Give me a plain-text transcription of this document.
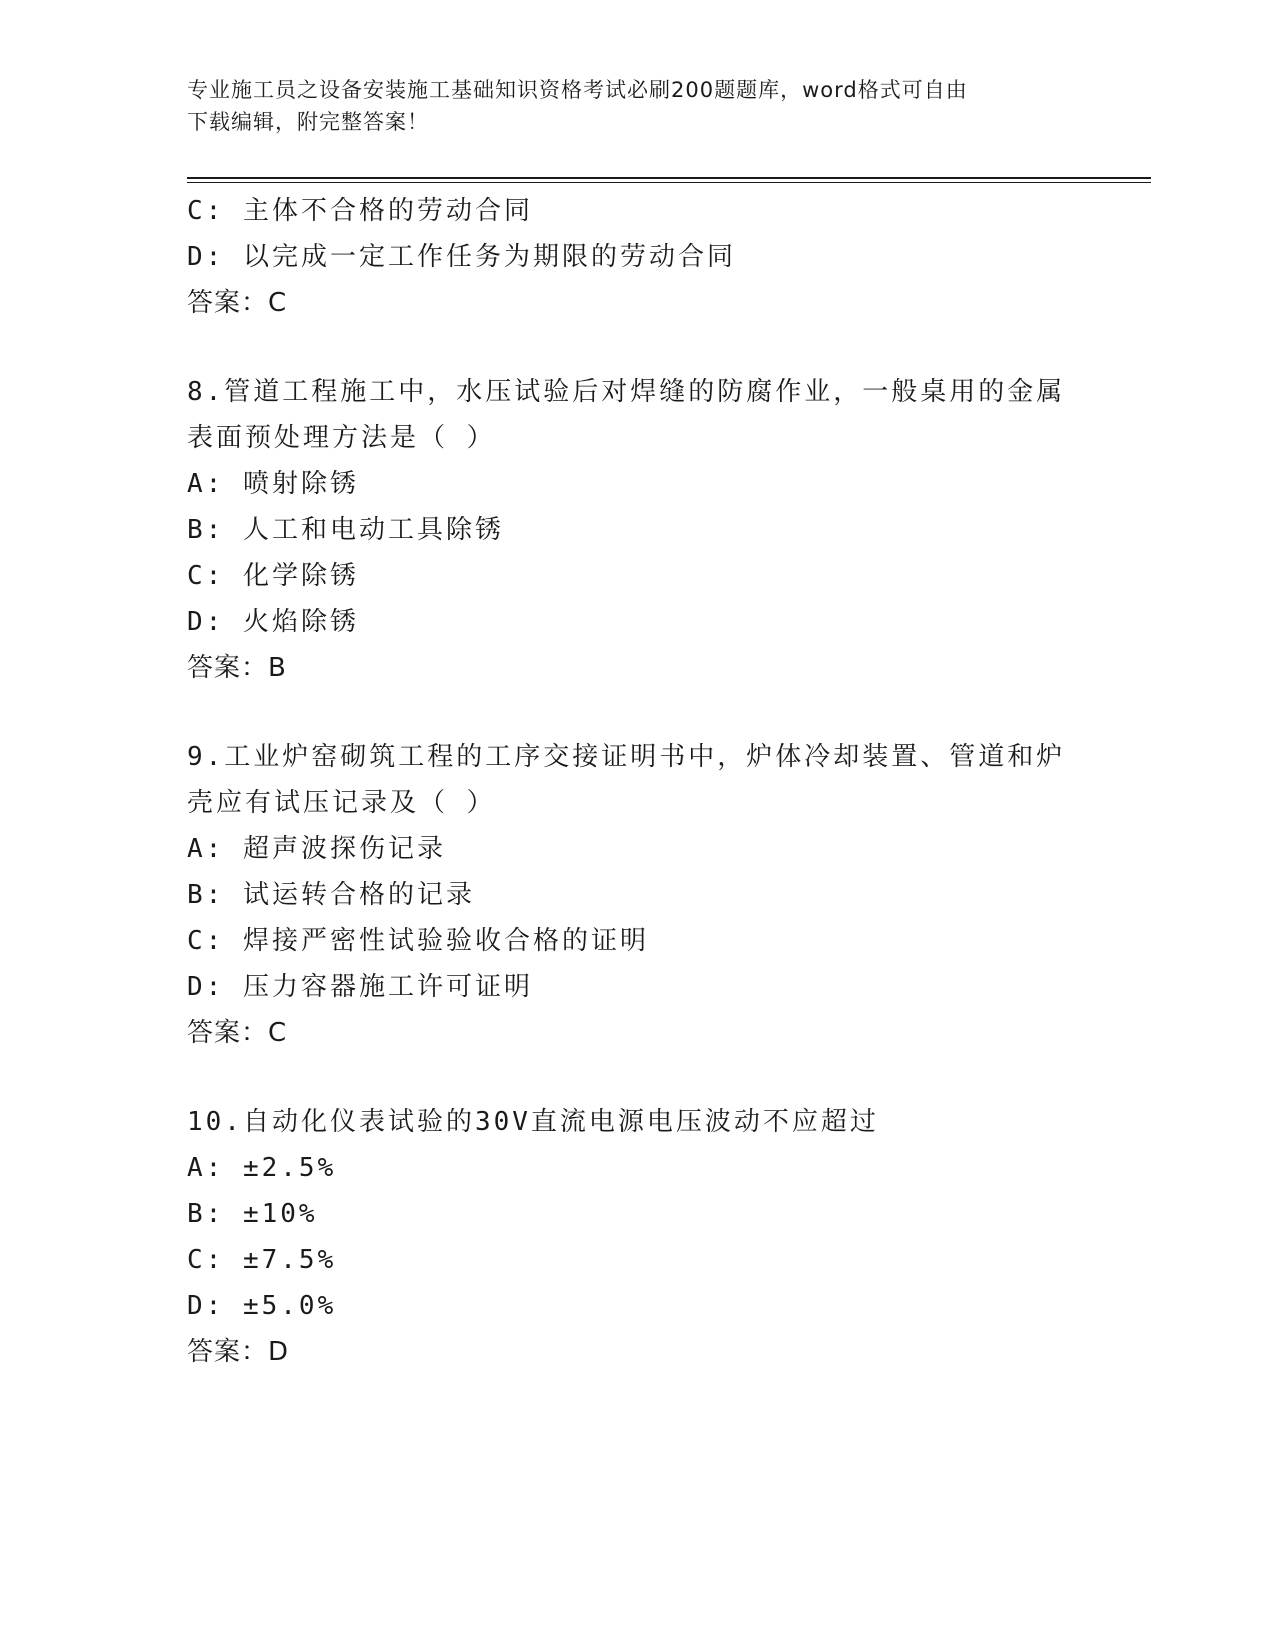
专业施工员之设备安装施工基础知识资格考试必刷200题题库，word格式可自由
下载编辑，附完整答案！
C: 主体不合格的劳动合同
D: 以完成一定工作任务为期限的劳动合同
答案：C
8.管道工程施工中，水压试验后对焊缝的防腐作业，一般桌用的金属
表面预处理方法是（ ）
A: 喷射除锈
B: 人工和电动工具除锈
C: 化学除锈
D: 火焰除锈
答案：B
9.工业炉窑砌筑工程的工序交接证明书中，炉体冷却装置、管道和炉
壳应有试压记录及（ ）
A: 超声波探伤记录
B: 试运转合格的记录
C: 焊接严密性试验验收合格的证明
D: 压力容器施工许可证明
答案：C
10.自动化仪表试验的30V直流电源电压波动不应超过
A: ±2.5%
B: ±10%
C: ±7.5%
D: ±5.0%
答案：D
